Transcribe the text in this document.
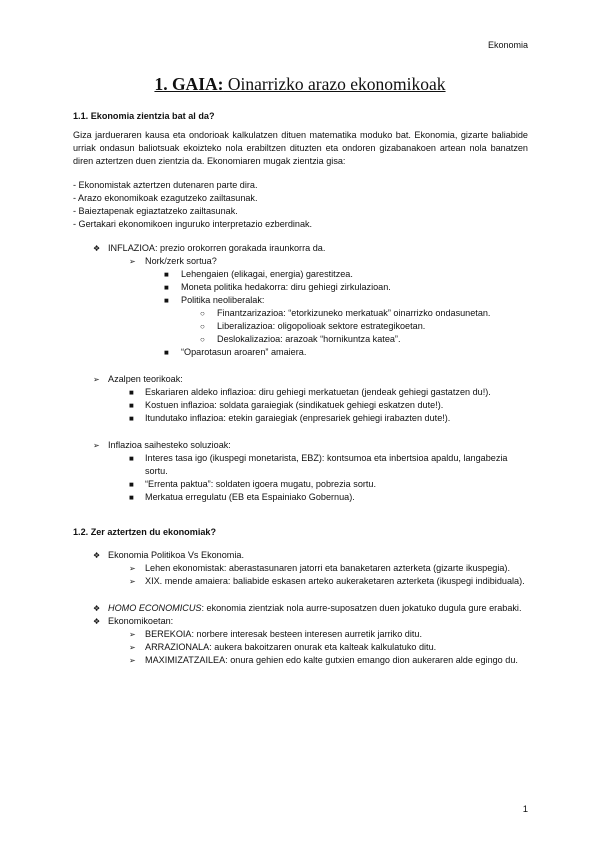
Ekonomia
1. GAIA: Oinarrizko arazo ekonomikoak
1.1. Ekonomia zientzia bat al da?

Giza jarduerаren kausa eta ondorioak kalkulatzen dituen matematika moduko bat. Ekonomia, gizarte baliabide urriak ondasun baliotsuak ekoizteko nola erabiltzen dituzten eta ondoren gizabanakoen artean nola banatzen diren aztertzen duen zientzia da. Ekonomiaren mugak zientzia gisa:

- Ekonomistak aztertzen dutenaren parte dira.
- Arazo ekonomikoak ezagutzeko zailtasunak.
- Baieztapenak egiaztatzeko zailtasunak.
- Gertakari ekonomikoen inguruko interpretazio ezberdinak.
❖ INFLAZIOA: prezio orokorren gorakada iraunkorra da.
➢ Nork/zerk sortua?
■ Lehengaien (elikagai, energia) garestitzea.
■ Moneta politika hedakorra: diru gehiegi zirkulazioan.
■ Politika neoliberalak:
○ Finantzarizazioa: “etorkizuneko merkatuak” oinarrizko ondasunetan.
○ Liberalizazioa: oligopolioak sektore estrategikoetan.
○ Deslokalizazioa: arazoak “hornikuntza katea”.
■ “Oparotasun aroaren” amaiera.
➢ Azalpen teorikoak:
■ Eskariaren aldeko inflazioa: diru gehiegi merkatuetan (jendeak gehiegi gastatzen du!).
■ Kostuen inflazioa: soldata garaiegiak (sindikatuek gehiegi eskatzen dute!).
■ Itundutako inflazioa: etekin garaiegiak (enpresariek gehiegi irabazten dute!).
➢ Inflazioa saihesteko soluzioak:
■ Interes tasa igo (ikuspegi monetarista, EBZ): kontsumoa eta inbertsioa apaldu, langabezia sortu.
■ “Errenta paktua”: soldaten igoera mugatu, pobrezia sortu.
■ Merkatua erregulatu (EB eta Espainiako Gobernua).
1.2. Zer aztertzen du ekonomiak?
❖ Ekonomia Politikoa Vs Ekonomia.
➢ Lehen ekonomistak: aberastasunaren jatorri eta banaketaren azterketa (gizarte ikuspegia).
➢ XIX. mende amaiera: baliabide eskasen arteko aukeraketaren azterketa (ikuspegi indibiduala).
❖ HOMO ECONOMICUS: ekonomia zientziak nola aurre-suposatzen duen jokatuko dugula gure erabaki.
❖ Ekonomikoetan:
➢ BEREKOIA: norbere interesak besteen interesen aurretik jarriko ditu.
➢ ARRAZIONALA: aukera bakoitzaren onurak eta kalteak kalkulatuko ditu.
➢ MAXIMIZATZAILEA: onura gehien edo kalte gutxien emango dion aukeraren alde egingo du.
1
